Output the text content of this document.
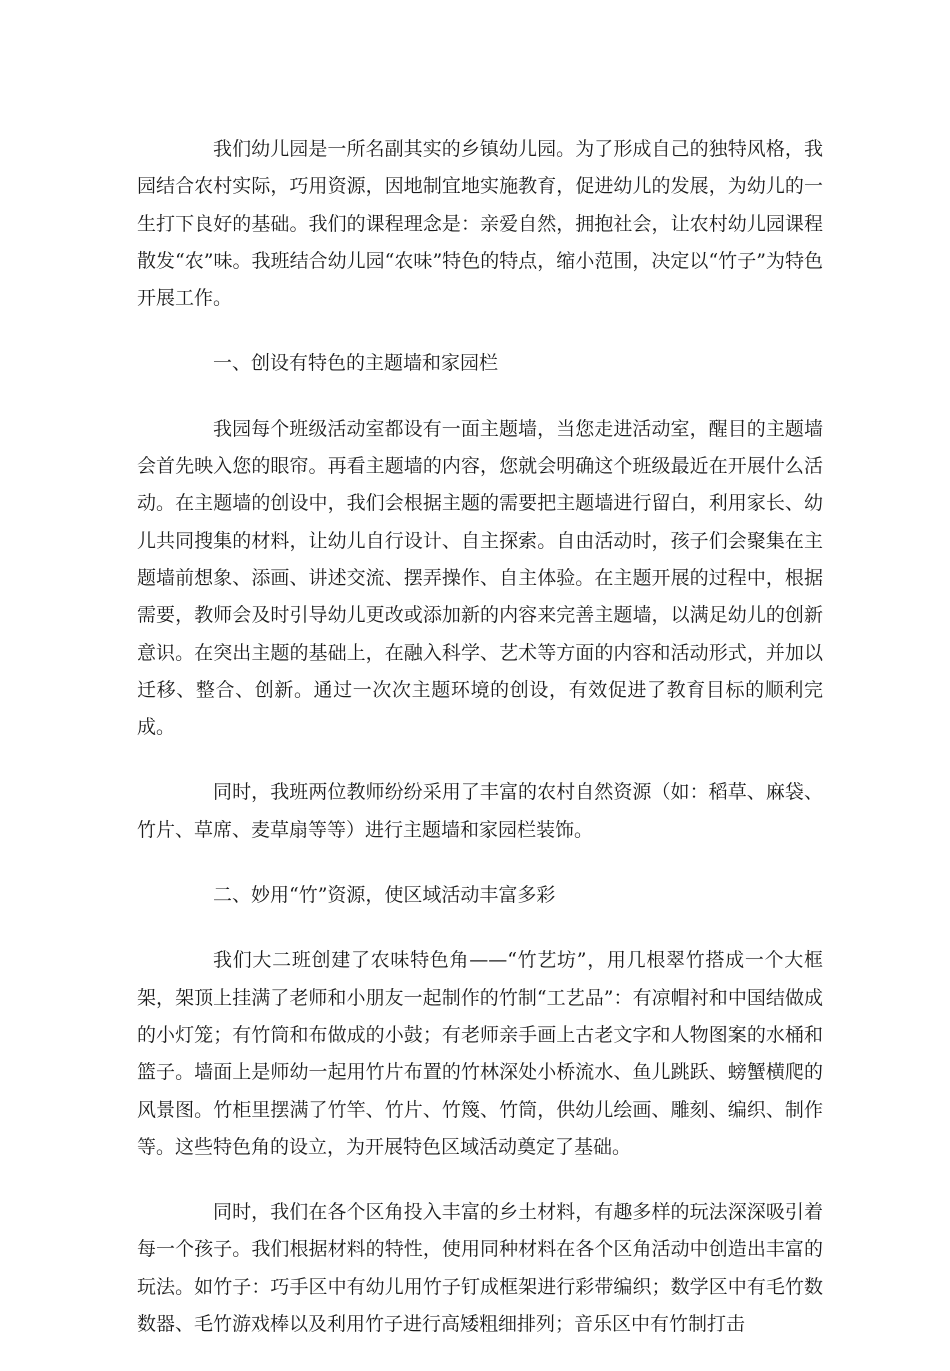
我们幼儿园是一所名副其实的乡镇幼儿园。为了形成自己的独特风格，我园结合农村实际，巧用资源，因地制宜地实施教育，促进幼儿的发展，为幼儿的一生打下良好的基础。我们的课程理念是：亲爱自然，拥抱社会，让农村幼儿园课程散发“农”味。我班结合幼儿园“农味”特色的特点，缩小范围，决定以“竹子”为特色开展工作。

一、创设有特色的主题墙和家园栏

我园每个班级活动室都设有一面主题墙，当您走进活动室，醒目的主题墙会首先映入您的眼帘。再看主题墙的内容，您就会明确这个班级最近在开展什么活动。在主题墙的创设中，我们会根据主题的需要把主题墙进行留白，利用家长、幼儿共同搜集的材料，让幼儿自行设计、自主探索。自由活动时，孩子们会聚集在主题墙前想象、添画、讲述交流、摆弄操作、自主体验。在主题开展的过程中，根据需要，教师会及时引导幼儿更改或添加新的内容来完善主题墙，以满足幼儿的创新意识。在突出主题的基础上，在融入科学、艺术等方面的内容和活动形式，并加以迁移、整合、创新。通过一次次主题环境的创设，有效促进了教育目标的顺利完成。

同时，我班两位教师纷纷采用了丰富的农村自然资源（如：稻草、麻袋、竹片、草席、麦草扇等等）进行主题墙和家园栏装饰。

二、妙用“竹”资源，使区域活动丰富多彩

我们大二班创建了农味特色角——“竹艺坊”，用几根翠竹搭成一个大框架，架顶上挂满了老师和小朋友一起制作的竹制“工艺品”：有凉帽衬和中国结做成的小灯笼；有竹筒和布做成的小鼓；有老师亲手画上古老文字和人物图案的水桶和篮子。墙面上是师幼一起用竹片布置的竹林深处小桥流水、鱼儿跳跃、螃蟹横爬的风景图。竹柜里摆满了竹竿、竹片、竹篾、竹筒，供幼儿绘画、雕刻、编织、制作等。这些特色角的设立，为开展特色区域活动奠定了基础。

同时，我们在各个区角投入丰富的乡土材料，有趣多样的玩法深深吸引着每一个孩子。我们根据材料的特性，使用同种材料在各个区角活动中创造出丰富的玩法。如竹子：巧手区中有幼儿用竹子钉成框架进行彩带编织；数学区中有毛竹数数器、毛竹游戏棒以及利用竹子进行高矮粗细排列；音乐区中有竹制打击
